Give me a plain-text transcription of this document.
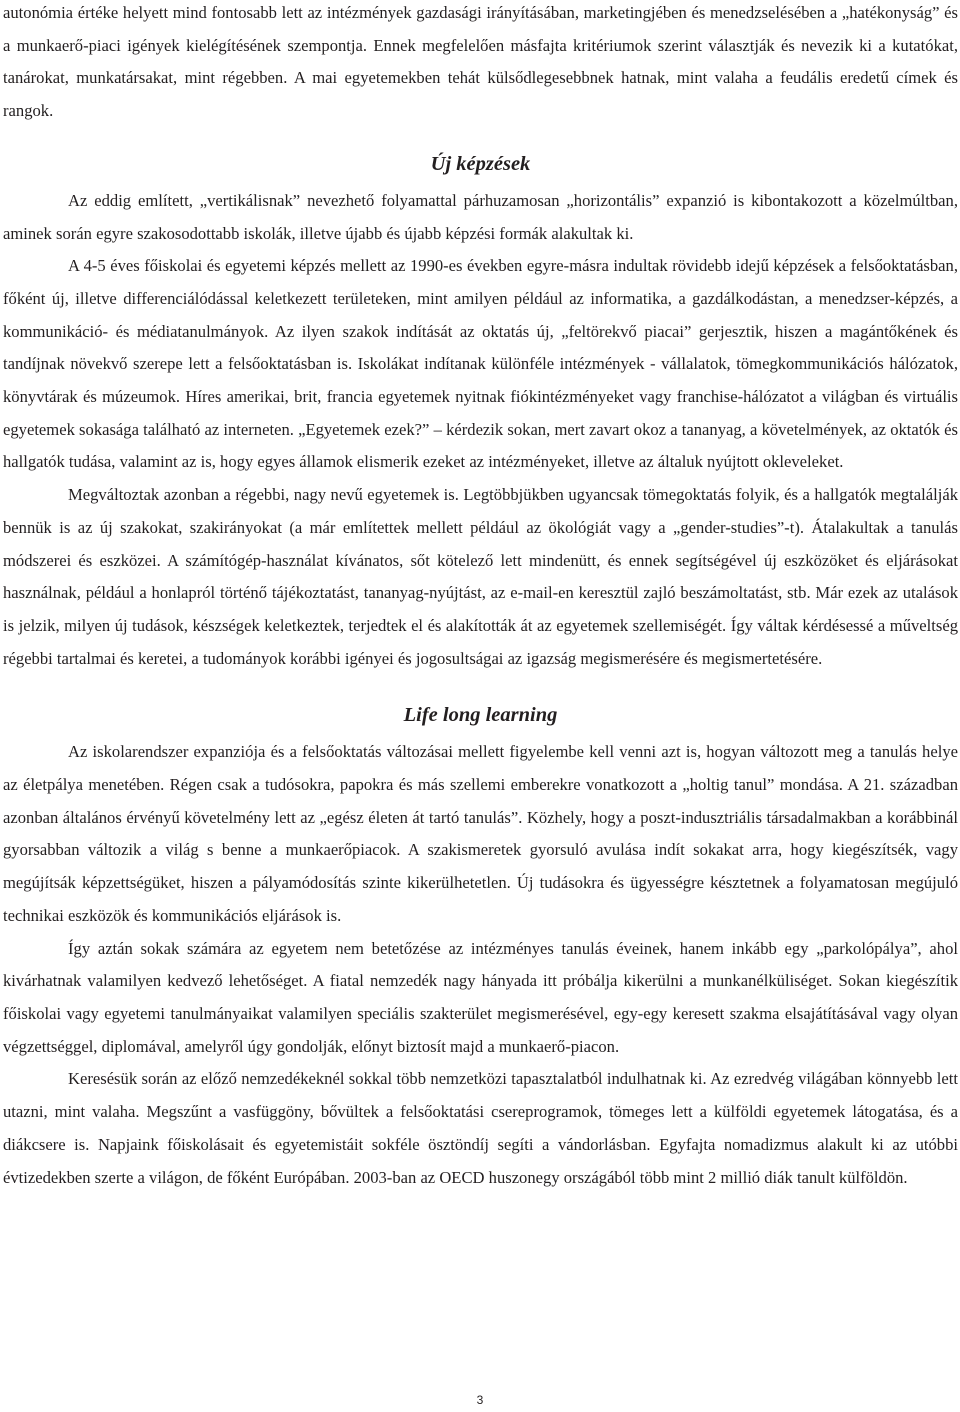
autonómia értéke helyett mind fontosabb lett az intézmények gazdasági irányításában, marketingjében és menedzselésében a „hatékonyság” és a munkaerő-piaci igények kielégítésének szempontja. Ennek megfelelően másfajta kritériumok szerint választják és nevezik ki a kutatókat, tanárokat, munkatársakat, mint régebben. A mai egyetemekben tehát külsődlegesebbnek hatnak, mint valaha a feudális eredetű címek és rangok.

Új képzések

Az eddig említett, „vertikálisnak” nevezhető folyamattal párhuzamosan „horizontális” expanzió is kibontakozott a közelmúltban, aminek során egyre szakosodottabb iskolák, illetve újabb és újabb képzési formák alakultak ki.

A 4-5 éves főiskolai és egyetemi képzés mellett az 1990-es években egyre-másra indultak rövidebb idejű képzések a felsőoktatásban, főként új, illetve differenciálódással keletkezett területeken, mint amilyen például az informatika, a gazdálkodástan, a menedzser-képzés, a kommunikáció- és médiatanulmányok. Az ilyen szakok indítását az oktatás új, „feltörekvő piacai” gerjesztik, hiszen a magántőkének és tandíjnak növekvő szerepe lett a felsőoktatásban is. Iskolákat indítanak különféle intézmények - vállalatok, tömegkommunikációs hálózatok, könyvtárak és múzeumok. Híres amerikai, brit, francia egyetemek nyitnak fiókintézményeket vagy franchise-hálózatot a világban és virtuális egyetemek sokasága található az interneten. „Egyetemek ezek?” – kérdezik sokan, mert zavart okoz a tananyag, a követelmények, az oktatók és hallgatók tudása, valamint az is, hogy egyes államok elismerik ezeket az intézményeket, illetve az általuk nyújtott okleveleket.

Megváltoztak azonban a régebbi, nagy nevű egyetemek is. Legtöbbjükben ugyancsak tömegoktatás folyik, és a hallgatók megtalálják bennük is az új szakokat, szakirányokat (a már említettek mellett például az ökológiát vagy a „gender-studies”-t). Átalakultak a tanulás módszerei és eszközei. A számítógép-használat kívánatos, sőt kötelező lett mindenütt, és ennek segítségével új eszközöket és eljárásokat használnak, például a honlapról történő tájékoztatást, tananyag-nyújtást, az e-mail-en keresztül zajló beszámoltatást, stb. Már ezek az utalások is jelzik, milyen új tudások, készségek keletkeztek, terjedtek el és alakították át az egyetemek szellemiségét. Így váltak kérdésessé a műveltség régebbi tartalmai és keretei, a tudományok korábbi igényei és jogosultságai az igazság megismerésére és megismertetésére.

Life long learning

Az iskolarendszer expanziója és a felsőoktatás változásai mellett figyelembe kell venni azt is, hogyan változott meg a tanulás helye az életpálya menetében. Régen csak a tudósokra, papokra és más szellemi emberekre vonatkozott a „holtig tanul” mondása. A 21. században azonban általános érvényű követelmény lett az „egész életen át tartó tanulás”. Közhely, hogy a poszt-indusztriális társadalmakban a korábbinál gyorsabban változik a világ s benne a munkaerőpiacok. A szakismeretek gyorsuló avulása indít sokakat arra, hogy kiegészítsék, vagy megújítsák képzettségüket, hiszen a pályamódosítás szinte kikerülhetetlen. Új tudásokra és ügyességre késztetnek a folyamatosan megújuló technikai eszközök és kommunikációs eljárások is.

Így aztán sokak számára az egyetem nem betetőzése az intézményes tanulás éveinek, hanem inkább egy „parkolópálya”, ahol kivárhatnak valamilyen kedvező lehetőséget. A fiatal nemzedék nagy hányada itt próbálja kikerülni a munkanélküliséget. Sokan kiegészítik főiskolai vagy egyetemi tanulmányaikat valamilyen speciális szakterület megismerésével, egy-egy keresett szakma elsajátításával vagy olyan végzettséggel, diplomával, amelyről úgy gondolják, előnyt biztosít majd a munkaerő-piacon.

Keresésük során az előző nemzedékeknél sokkal több nemzetközi tapasztalatból indulhatnak ki. Az ezredvég világában könnyebb lett utazni, mint valaha. Megszűnt a vasfüggöny, bővültek a felsőoktatási csereprogramok, tömeges lett a külföldi egyetemek látogatása, és a diákcsere is. Napjaink főiskolásait és egyetemistáit sokféle ösztöndíj segíti a vándorlásban. Egyfajta nomadizmus alakult ki az utóbbi évtizedekben szerte a világon, de főként Európában. 2003-ban az OECD huszonegy országából több mint 2 millió diák tanult külföldön.

3
